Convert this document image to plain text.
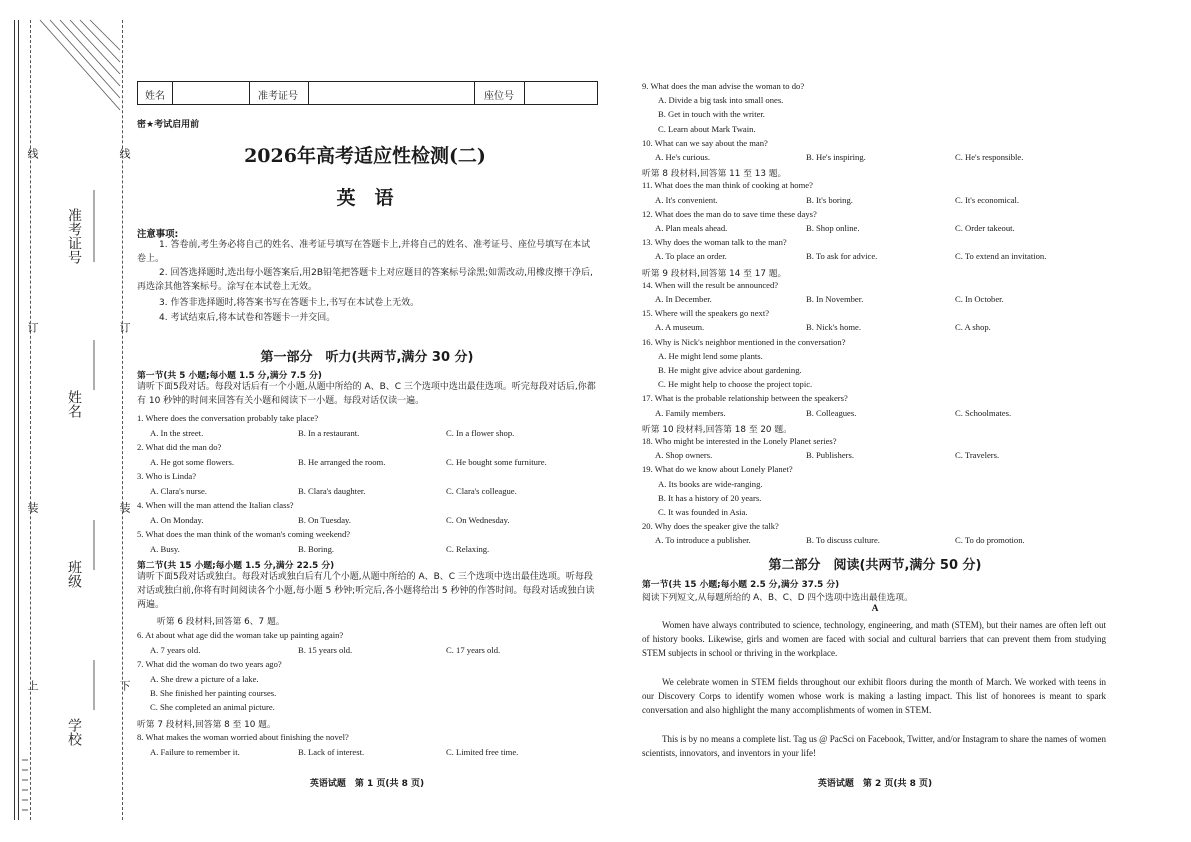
线	线
订	订
装	装
上	下
准考证号
姓名
班级
学校
姓名	准考证号	座位号
密★考试启用前
2026年高考适应性检测(二)
英　语
注意事项:
1. 答卷前,考生务必将自己的姓名、准考证号填写在答题卡上,并将自己的姓名、准考证号、座位号填写在本试卷上。
2. 回答选择题时,选出每小题答案后,用2B铅笔把答题卡上对应题目的答案标号涂黑;如需改动,用橡皮擦干净后,再选涂其他答案标号。涂写在本试卷上无效。
3. 作答非选择题时,将答案书写在答题卡上,书写在本试卷上无效。
4. 考试结束后,将本试卷和答题卡一并交回。
第一部分　听力(共两节,满分 30 分)
第一节(共 5 小题;每小题 1.5 分,满分 7.5 分)
请听下面5段对话。每段对话后有一个小题,从题中所给的 A、B、C 三个选项中选出最佳选项。听完每段对话后,你都有 10 秒钟的时间来回答有关小题和阅读下一小题。每段对话仅读一遍。
1. Where does the conversation probably take place?
A. In the street.	B. In a restaurant.	C. In a flower shop.
2. What did the man do?
A. He got some flowers.	B. He arranged the room.	C. He bought some furniture.
3. Who is Linda?
A. Clara's nurse.	B. Clara's daughter.	C. Clara's colleague.
4. When will the man attend the Italian class?
A. On Monday.	B. On Tuesday.	C. On Wednesday.
5. What does the man think of the woman's coming weekend?
A. Busy.	B. Boring.	C. Relaxing.
第二节(共 15 小题;每小题 1.5 分,满分 22.5 分)
请听下面5段对话或独白。每段对话或独白后有几个小题,从题中所给的 A、B、C 三个选项中选出最佳选项。听每段对话或独白前,你将有时间阅读各个小题,每小题 5 秒钟;听完后,各小题将给出 5 秒钟的作答时间。每段对话或独白读两遍。
听第 6 段材料,回答第 6、7 题。
6. At about what age did the woman take up painting again?
A. 7 years old.	B. 15 years old.	C. 17 years old.
7. What did the woman do two years ago?
A. She drew a picture of a lake.
B. She finished her painting courses.
C. She completed an animal picture.
听第 7 段材料,回答第 8 至 10 题。
8. What makes the woman worried about finishing the novel?
A. Failure to remember it.	B. Lack of interest.	C. Limited free time.
英语试题　第 1 页(共 8 页)
9. What does the man advise the woman to do?
A. Divide a big task into small ones.
B. Get in touch with the writer.
C. Learn about Mark Twain.
10. What can we say about the man?
A. He's curious.	B. He's inspiring.	C. He's responsible.
听第 8 段材料,回答第 11 至 13 题。
11. What does the man think of cooking at home?
A. It's convenient.	B. It's boring.	C. It's economical.
12. What does the man do to save time these days?
A. Plan meals ahead.	B. Shop online.	C. Order takeout.
13. Why does the woman talk to the man?
A. To place an order.	B. To ask for advice.	C. To extend an invitation.
听第 9 段材料,回答第 14 至 17 题。
14. When will the result be announced?
A. In December.	B. In November.	C. In October.
15. Where will the speakers go next?
A. A museum.	B. Nick's home.	C. A shop.
16. Why is Nick's neighbor mentioned in the conversation?
A. He might lend some plants.
B. He might give advice about gardening.
C. He might help to choose the project topic.
17. What is the probable relationship between the speakers?
A. Family members.	B. Colleagues.	C. Schoolmates.
听第 10 段材料,回答第 18 至 20 题。
18. Who might be interested in the Lonely Planet series?
A. Shop owners.	B. Publishers.	C. Travelers.
19. What do we know about Lonely Planet?
A. Its books are wide-ranging.
B. It has a history of 20 years.
C. It was founded in Asia.
20. Why does the speaker give the talk?
A. To introduce a publisher.	B. To discuss culture.	C. To do promotion.
第二部分　阅读(共两节,满分 50 分)
第一节(共 15 小题;每小题 2.5 分,满分 37.5 分)
阅读下列短文,从每题所给的 A、B、C、D 四个选项中选出最佳选项。
A
Women have always contributed to science, technology, engineering, and math (STEM), but their names are often left out of history books. Likewise, girls and women are faced with social and cultural barriers that can prevent them from studying STEM subjects in school or thriving in the workplace.
We celebrate women in STEM fields throughout our exhibit floors during the month of March. We worked with teens in our Discovery Corps to identify women whose work is making a lasting impact. This list of honorees is meant to spark conversation and also highlight the many accomplishments of women in STEM.
This is by no means a complete list. Tag us @ PacSci on Facebook, Twitter, and/or Instagram to share the names of women scientists, innovators, and inventors in your life!
英语试题　第 2 页(共 8 页)
